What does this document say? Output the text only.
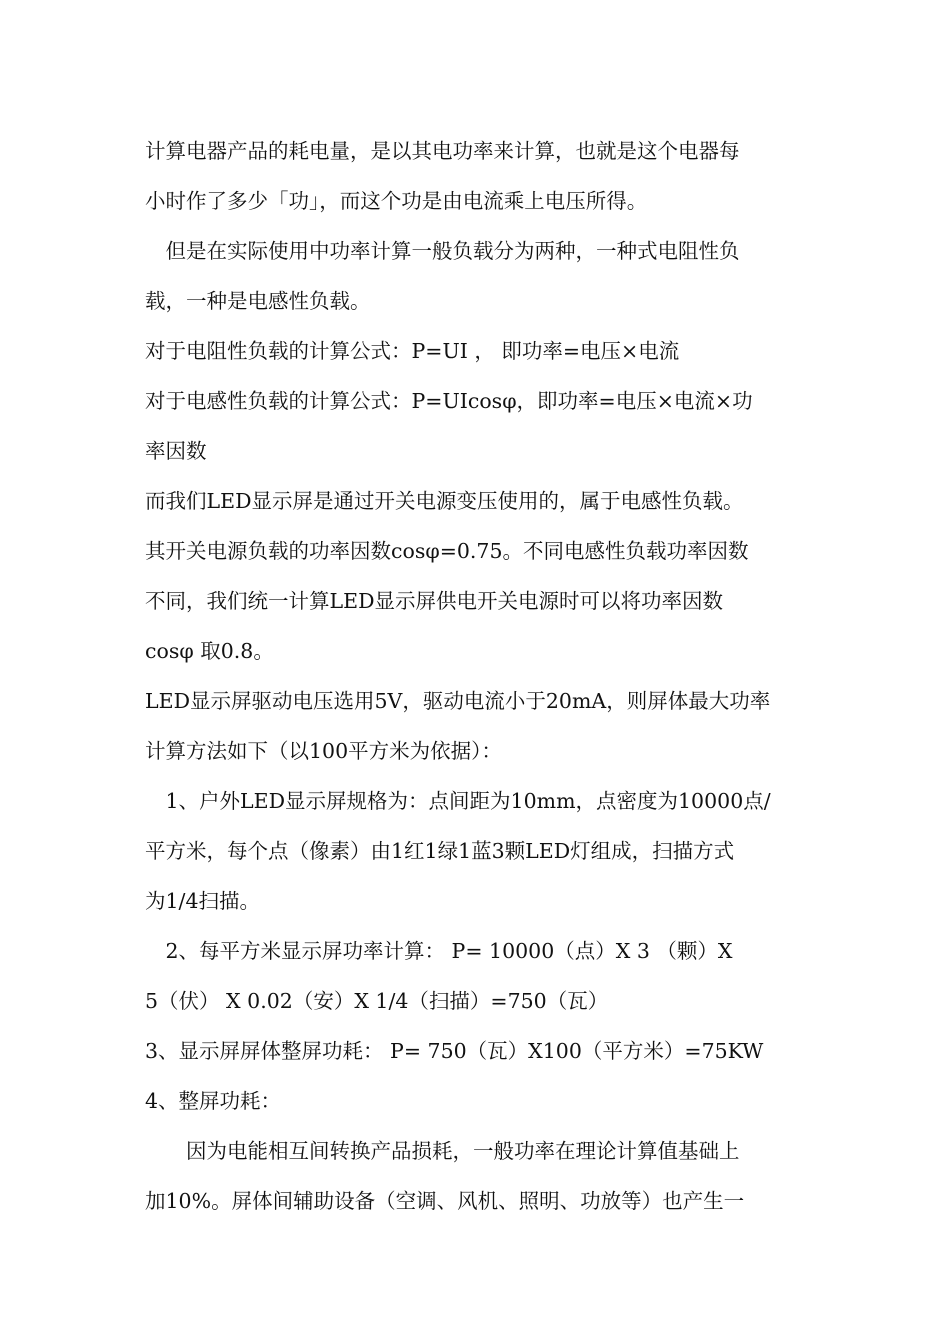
计算电器产品的耗电量，是以其电功率来计算，也就是这个电器每
小时作了多少「功」，而这个功是由电流乘上电压所得。
　但是在实际使用中功率计算一般负载分为两种，一种式电阻性负
载，一种是电感性负载。
对于电阻性负载的计算公式：P=UI ， 即功率=电压×电流
对于电感性负载的计算公式：P=UIcosφ，即功率=电压×电流×功
率因数
而我们LED显示屏是通过开关电源变压使用的，属于电感性负载。
其开关电源负载的功率因数cosφ=0.75。不同电感性负载功率因数
不同，我们统一计算LED显示屏供电开关电源时可以将功率因数
cosφ 取0.8。
LED显示屏驱动电压选用5V，驱动电流小于20mA，则屏体最大功率
计算方法如下（以100平方米为依据）：
　1、户外LED显示屏规格为：点间距为10mm，点密度为10000点/
平方米，每个点（像素）由1红1绿1蓝3颗LED灯组成，扫描方式
为1/4扫描。
　2、每平方米显示屏功率计算： P= 10000（点）X 3 （颗）X
5（伏） X 0.02（安）X 1/4（扫描）=750（瓦）
3、显示屏屏体整屏功耗： P= 750（瓦）X100（平方米）=75KW
4、整屏功耗：
　　因为电能相互间转换产品损耗，一般功率在理论计算值基础上
加10%。屏体间辅助设备（空调、风机、照明、功放等）也产生一
